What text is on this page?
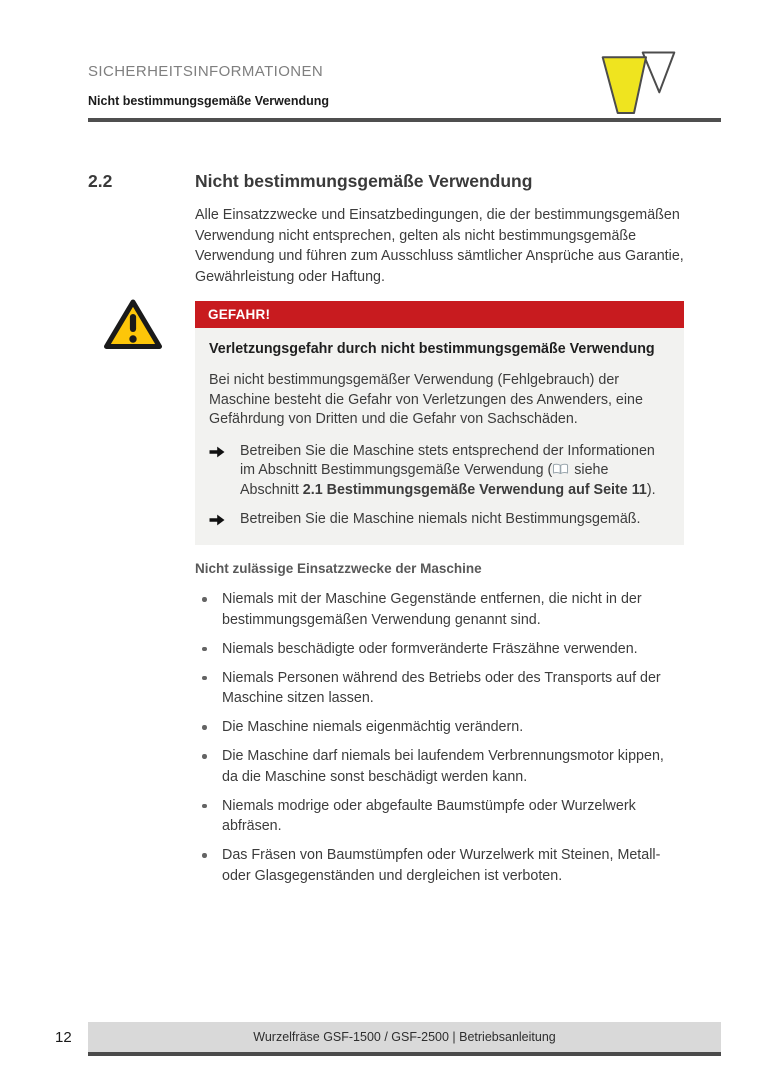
SICHERHEITSINFORMATIONEN
Nicht bestimmungsgemäße Verwendung
2.2	Nicht bestimmungsgemäße Verwendung

Alle Einsatzzwecke und Einsatzbedingungen, die der bestimmungsgemäßen Verwendung nicht entsprechen, gelten als nicht bestimmungsgemäße Verwendung und führen zum Ausschluss sämtlicher Ansprüche aus Garantie, Gewährleistung oder Haftung.

GEFAHR!

Verletzungsgefahr durch nicht bestimmungsgemäße Verwendung

Bei nicht bestimmungsgemäßer Verwendung (Fehlgebrauch) der Maschine besteht die Gefahr von Verletzungen des Anwenders, eine Gefährdung von Dritten und die Gefahr von Sachschäden.

Betreiben Sie die Maschine stets entsprechend der Informationen im Abschnitt Bestimmungsgemäße Verwendung ( siehe Abschnitt 2.1 Bestimmungsgemäße Verwendung auf Seite 11).

Betreiben Sie die Maschine niemals nicht Bestimmungsgemäß.

Nicht zulässige Einsatzzwecke der Maschine
Niemals mit der Maschine Gegenstände entfernen, die nicht in der bestimmungsgemäßen Verwendung genannt sind.
Niemals beschädigte oder formveränderte Fräszähne verwenden.
Niemals Personen während des Betriebs oder des Transports auf der Maschine sitzen lassen.
Die Maschine niemals eigenmächtig verändern.
Die Maschine darf niemals bei laufendem Verbrennungsmotor kippen, da die Maschine sonst beschädigt werden kann.
Niemals modrige oder abgefaulte Baumstümpfe oder Wurzelwerk abfräsen.
Das Fräsen von Baumstümpfen oder Wurzelwerk mit Steinen, Metall- oder Glasgegenständen und dergleichen ist verboten.
12	Wurzelfräse GSF-1500 / GSF-2500 | Betriebsanleitung
